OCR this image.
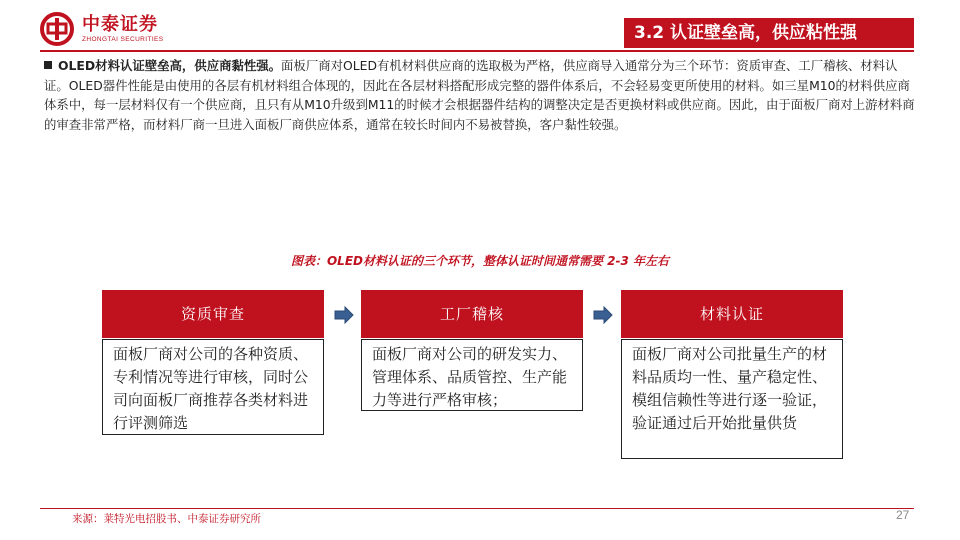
中泰证券
ZHONGTAI SECURITIES	3.2 认证壁垒高，供应粘性强
OLED材料认证壁垒高，供应商黏性强。面板厂商对OLED有机材料供应商的选取极为严格，供应商导入通常分为三个环节：资质审查、工厂稽核、材料认证。OLED器件性能是由使用的各层有机材料组合体现的，因此在各层材料搭配形成完整的器件体系后，不会轻易变更所使用的材料。如三星M10的材料供应商体系中，每一层材料仅有一个供应商，且只有从M10升级到M11的时候才会根据器件结构的调整决定是否更换材料或供应商。因此，由于面板厂商对上游材料商的审查非常严格，而材料厂商一旦进入面板厂商供应体系，通常在较长时间内不易被替换，客户黏性较强。
图表：OLED材料认证的三个环节，整体认证时间通常需要 2-3 年左右
资质审查
面板厂商对公司的各种资质、专利情况等进行审核，同时公司向面板厂商推荐各类材料进行评测筛选
工厂稽核
面板厂商对公司的研发实力、管理体系、品质管控、生产能力等进行严格审核；
材料认证
面板厂商对公司批量生产的材料品质均一性、量产稳定性、模组信赖性等进行逐一验证，验证通过后开始批量供货
来源：莱特光电招股书、中泰证券研究所	27
